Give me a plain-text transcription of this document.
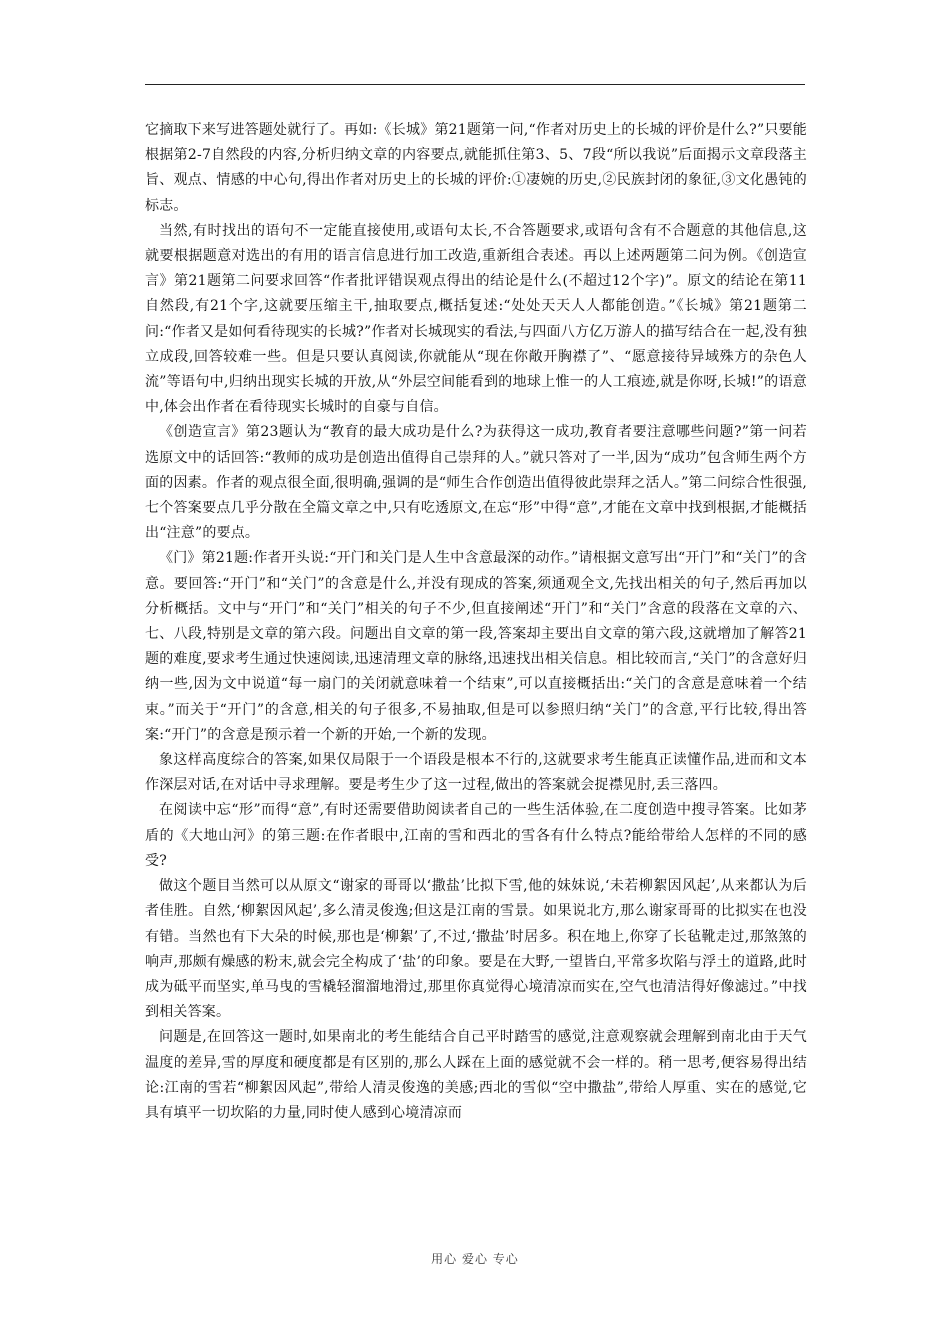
它摘取下来写进答题处就行了。再如:《长城》第21题第一问,“作者对历史上的长城的评价是什么?”只要能根据第2-7自然段的内容,分析归纳文章的内容要点,就能抓住第3、5、7段“所以我说”后面揭示文章段落主旨、观点、情感的中心句,得出作者对历史上的长城的评价:①凄婉的历史,②民族封闭的象征,③文化愚钝的标志。

当然,有时找出的语句不一定能直接使用,或语句太长,不合答题要求,或语句含有不合题意的其他信息,这就要根据题意对选出的有用的语言信息进行加工改造,重新组合表述。再以上述两题第二问为例。《创造宣言》第21题第二问要求回答“作者批评错误观点得出的结论是什么(不超过12个字)”。原文的结论在第11自然段,有21个字,这就要压缩主干,抽取要点,概括复述:“处处天天人人都能创造。”《长城》第21题第二问:“作者又是如何看待现实的长城?”作者对长城现实的看法,与四面八方亿万游人的描写结合在一起,没有独立成段,回答较难一些。但是只要认真阅读,你就能从“现在你敞开胸襟了”、“愿意接待异域殊方的杂色人流”等语句中,归纳出现实长城的开放,从“外层空间能看到的地球上惟一的人工痕迹,就是你呀,长城!”的语意中,体会出作者在看待现实长城时的自豪与自信。

《创造宣言》第23题认为“教育的最大成功是什么?为获得这一成功,教育者要注意哪些问题?”第一问若选原文中的话回答:“教师的成功是创造出值得自己崇拜的人。”就只答对了一半,因为“成功”包含师生两个方面的因素。作者的观点很全面,很明确,强调的是“师生合作创造出值得彼此崇拜之活人。”第二问综合性很强,七个答案要点几乎分散在全篇文章之中,只有吃透原文,在忘“形”中得“意”,才能在文章中找到根据,才能概括出“注意”的要点。

《门》第21题:作者开头说:“开门和关门是人生中含意最深的动作。”请根据文意写出“开门”和“关门”的含意。要回答:“开门”和“关门”的含意是什么,并没有现成的答案,须通观全文,先找出相关的句子,然后再加以分析概括。文中与“开门”和“关门”相关的句子不少,但直接阐述“开门”和“关门”含意的段落在文章的六、七、八段,特别是文章的第六段。问题出自文章的第一段,答案却主要出自文章的第六段,这就增加了解答21题的难度,要求考生通过快速阅读,迅速清理文章的脉络,迅速找出相关信息。相比较而言,“关门”的含意好归纳一些,因为文中说道“每一扇门的关闭就意味着一个结束”,可以直接概括出:“关门的含意是意味着一个结束。”而关于“开门”的含意,相关的句子很多,不易抽取,但是可以参照归纳“关门”的含意,平行比较,得出答案:“开门”的含意是预示着一个新的开始,一个新的发现。

象这样高度综合的答案,如果仅局限于一个语段是根本不行的,这就要求考生能真正读懂作品,进而和文本作深层对话,在对话中寻求理解。要是考生少了这一过程,做出的答案就会捉襟见肘,丢三落四。

在阅读中忘“形”而得“意”,有时还需要借助阅读者自己的一些生活体验,在二度创造中搜寻答案。比如茅盾的《大地山河》的第三题:在作者眼中,江南的雪和西北的雪各有什么特点?能给带给人怎样的不同的感受?

做这个题目当然可以从原文“谢家的哥哥以‘撒盐’比拟下雪,他的妹妹说,‘未若柳絮因风起’,从来都认为后者佳胜。自然,‘柳絮因风起’,多么清灵俊逸;但这是江南的雪景。如果说北方,那么谢家哥哥的比拟实在也没有错。当然也有下大朵的时候,那也是‘柳絮’了,不过,‘撒盐’时居多。积在地上,你穿了长毡靴走过,那煞煞的响声,那颇有燥感的粉末,就会完全构成了‘盐’的印象。要是在大野,一望皆白,平常多坎陷与浮土的道路,此时成为砥平而坚实,单马曳的雪橇轻溜溜地滑过,那里你真觉得心境清凉而实在,空气也清洁得好像滤过。”中找到相关答案。

问题是,在回答这一题时,如果南北的考生能结合自己平时踏雪的感觉,注意观察就会理解到南北由于天气温度的差异,雪的厚度和硬度都是有区别的,那么人踩在上面的感觉就不会一样的。稍一思考,便容易得出结论:江南的雪若“柳絮因风起”,带给人清灵俊逸的美感;西北的雪似“空中撒盐”,带给人厚重、实在的感觉,它具有填平一切坎陷的力量,同时使人感到心境清凉而

用心 爱心 专心
